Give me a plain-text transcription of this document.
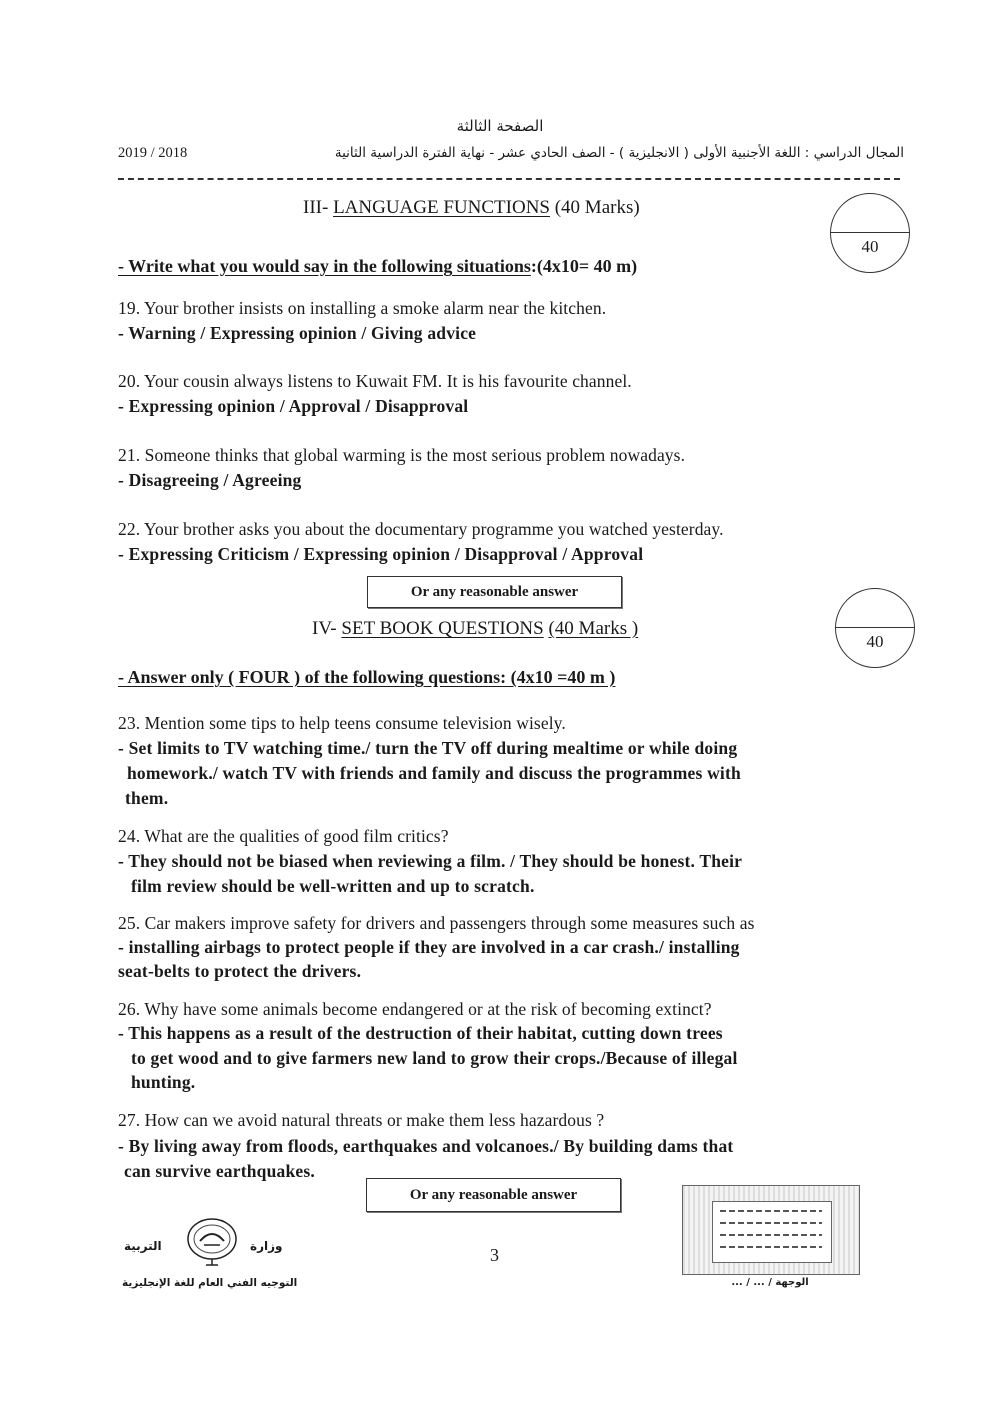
الصفحة الثالثة
المجال الدراسي : اللغة الأجنبية الأولى ( الانجليزية ) - الصف الحادي عشر - نهاية الفترة الدراسية الثانية
2019 / 2018
III- LANGUAGE FUNCTIONS (40 Marks)
40
- Write what you would say in the following situations:(4x10= 40 m)
19. Your brother insists on installing a smoke alarm near the kitchen.
- Warning / Expressing opinion / Giving advice
20. Your cousin always listens to Kuwait FM. It is his favourite channel.
- Expressing opinion / Approval / Disapproval
21. Someone thinks that global warming is the most serious problem nowadays.
- Disagreeing / Agreeing
22. Your brother asks you about the documentary programme you watched yesterday.
- Expressing Criticism / Expressing opinion / Disapproval / Approval
Or any reasonable answer
IV- SET BOOK QUESTIONS (40 Marks )
40
- Answer only ( FOUR ) of the following questions: (4x10 =40 m )
23. Mention some tips to help teens consume television wisely.
- Set limits to TV watching time./ turn the TV off during mealtime or while doing
homework./ watch TV with friends and family and discuss the programmes with
them.
24. What are the qualities of good film critics?
- They should not be biased when reviewing a film. / They should be honest. Their
film review should be well-written and up to scratch.
25. Car makers improve safety for drivers and passengers through some measures such as
- installing airbags to protect people if they are involved in a car crash./ installing
seat-belts to protect the drivers.
26. Why have some animals become endangered or at the risk of becoming extinct?
- This happens as a result of the destruction of their habitat, cutting down trees
to get wood and to give farmers new land to grow their crops./Because of illegal
hunting.
27. How can we avoid natural threats or make them less hazardous ?
- By living away from floods, earthquakes and volcanoes./ By building dams that
can survive earthquakes.
Or any reasonable answer
3
التربية	وزارة
التوجيه الفني العام للغة الإنجليزية	الوجهة / ... / ...
